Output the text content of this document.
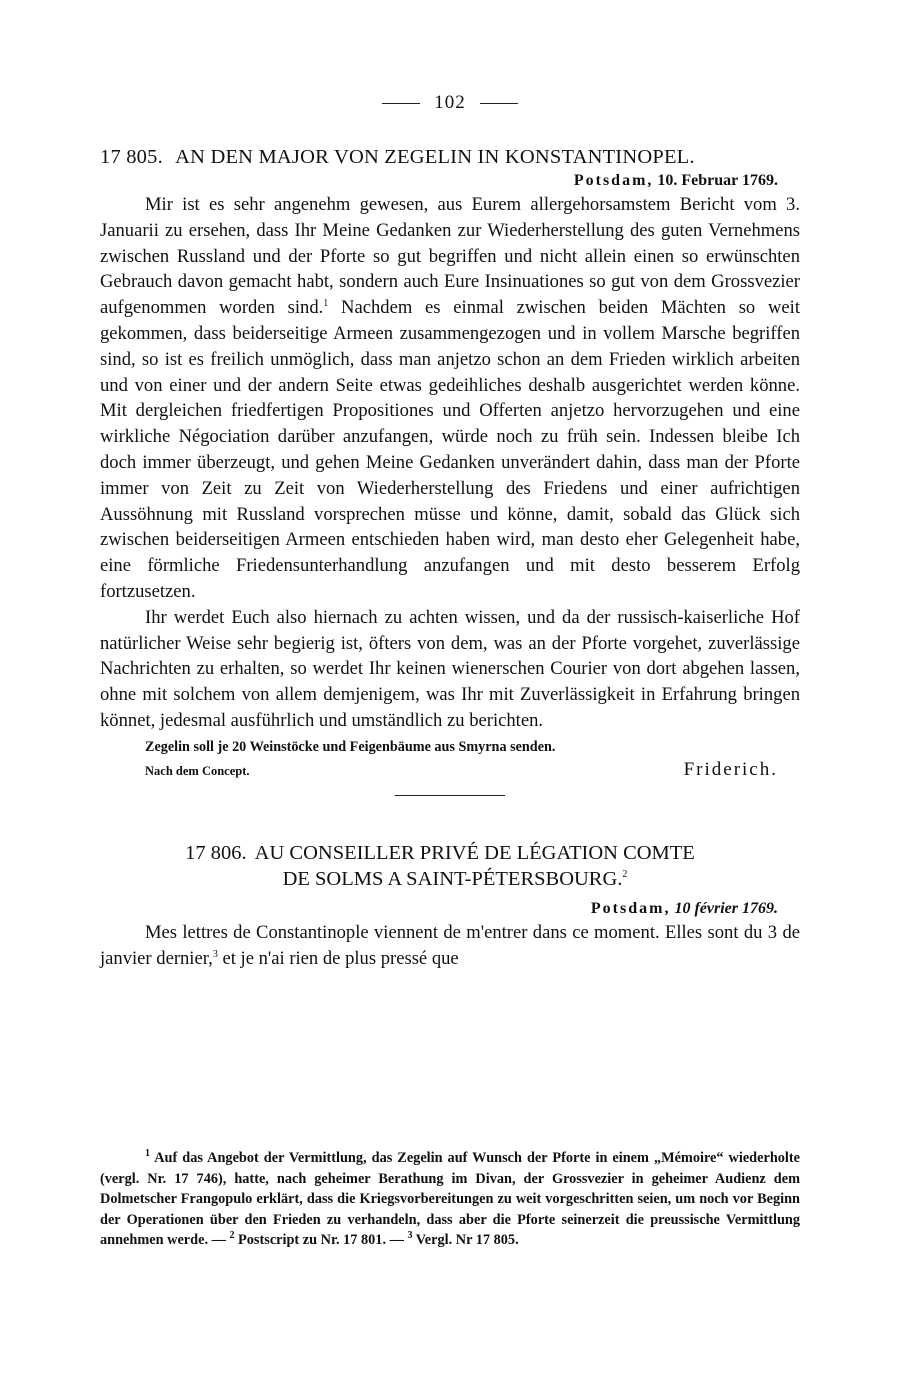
102
17 805. AN DEN MAJOR VON ZEGELIN IN KONSTANTINOPEL.
Potsdam, 10. Februar 1769.

Mir ist es sehr angenehm gewesen, aus Eurem allergehorsamstem Bericht vom 3. Januarii zu ersehen, dass Ihr Meine Gedanken zur Wiederherstellung des guten Vernehmens zwischen Russland und der Pforte so gut begriffen und nicht allein einen so erwünschten Gebrauch davon gemacht habt, sondern auch Eure Insinuationes so gut von dem Grossvezier aufgenommen worden sind.$^1$ Nachdem es einmal zwischen beiden Mächten so weit gekommen, dass beiderseitige Armeen zusammengezogen und in vollem Marsche begriffen sind, so ist es freilich unmöglich, dass man anjetzo schon an dem Frieden wirklich arbeiten und von einer und der andern Seite etwas gedeihliches deshalb ausgerichtet werden könne. Mit dergleichen friedfertigen Propositiones und Offerten anjetzo hervorzugehen und eine wirkliche Négociation darüber anzufangen, würde noch zu früh sein. Indessen bleibe Ich doch immer überzeugt, und gehen Meine Gedanken unverändert dahin, dass man der Pforte immer von Zeit zu Zeit von Wiederherstellung des Friedens und einer aufrichtigen Aussöhnung mit Russland vorsprechen müsse und könne, damit, sobald das Glück sich zwischen beiderseitigen Armeen entschieden haben wird, man desto eher Gelegenheit habe, eine förmliche Friedensunterhandlung anzufangen und mit desto besserem Erfolg fortzusetzen.

Ihr werdet Euch also hiernach zu achten wissen, und da der russisch-kaiserliche Hof natürlicher Weise sehr begierig ist, öfters von dem, was an der Pforte vorgehet, zuverlässige Nachrichten zu erhalten, so werdet Ihr keinen wienerschen Courier von dort abgehen lassen, ohne mit solchem von allem demjenigem, was Ihr mit Zuverlässigkeit in Erfahrung bringen könnet, jedesmal ausführlich und umständlich zu berichten.

Zegelin soll je 20 Weinstöcke und Feigenbäume aus Smyrna senden.
Nach dem Concept.	Friderich.
17 806. AU CONSEILLER PRIVÉ DE LÉGATION COMTE
DE SOLMS A SAINT-PÉTERSBOURG.$^2$
Potsdam, 10 février 1769.

Mes lettres de Constantinople viennent de m'entrer dans ce moment. Elles sont du 3 de janvier dernier,$^3$ et je n'ai rien de plus pressé que

$^1$ Auf das Angebot der Vermittlung, das Zegelin auf Wunsch der Pforte in einem „Mémoire“ wiederholte (vergl. Nr. 17 746), hatte, nach geheimer Berathung im Divan, der Grossvezier in geheimer Audienz dem Dolmetscher Frangopulo erklärt, dass die Kriegsvorbereitungen zu weit vorgeschritten seien, um noch vor Beginn der Operationen über den Frieden zu verhandeln, dass aber die Pforte seinerzeit die preussische Vermittlung annehmen werde. — $^2$ Postscript zu Nr. 17 801. — $^3$ Vergl. Nr 17 805.
